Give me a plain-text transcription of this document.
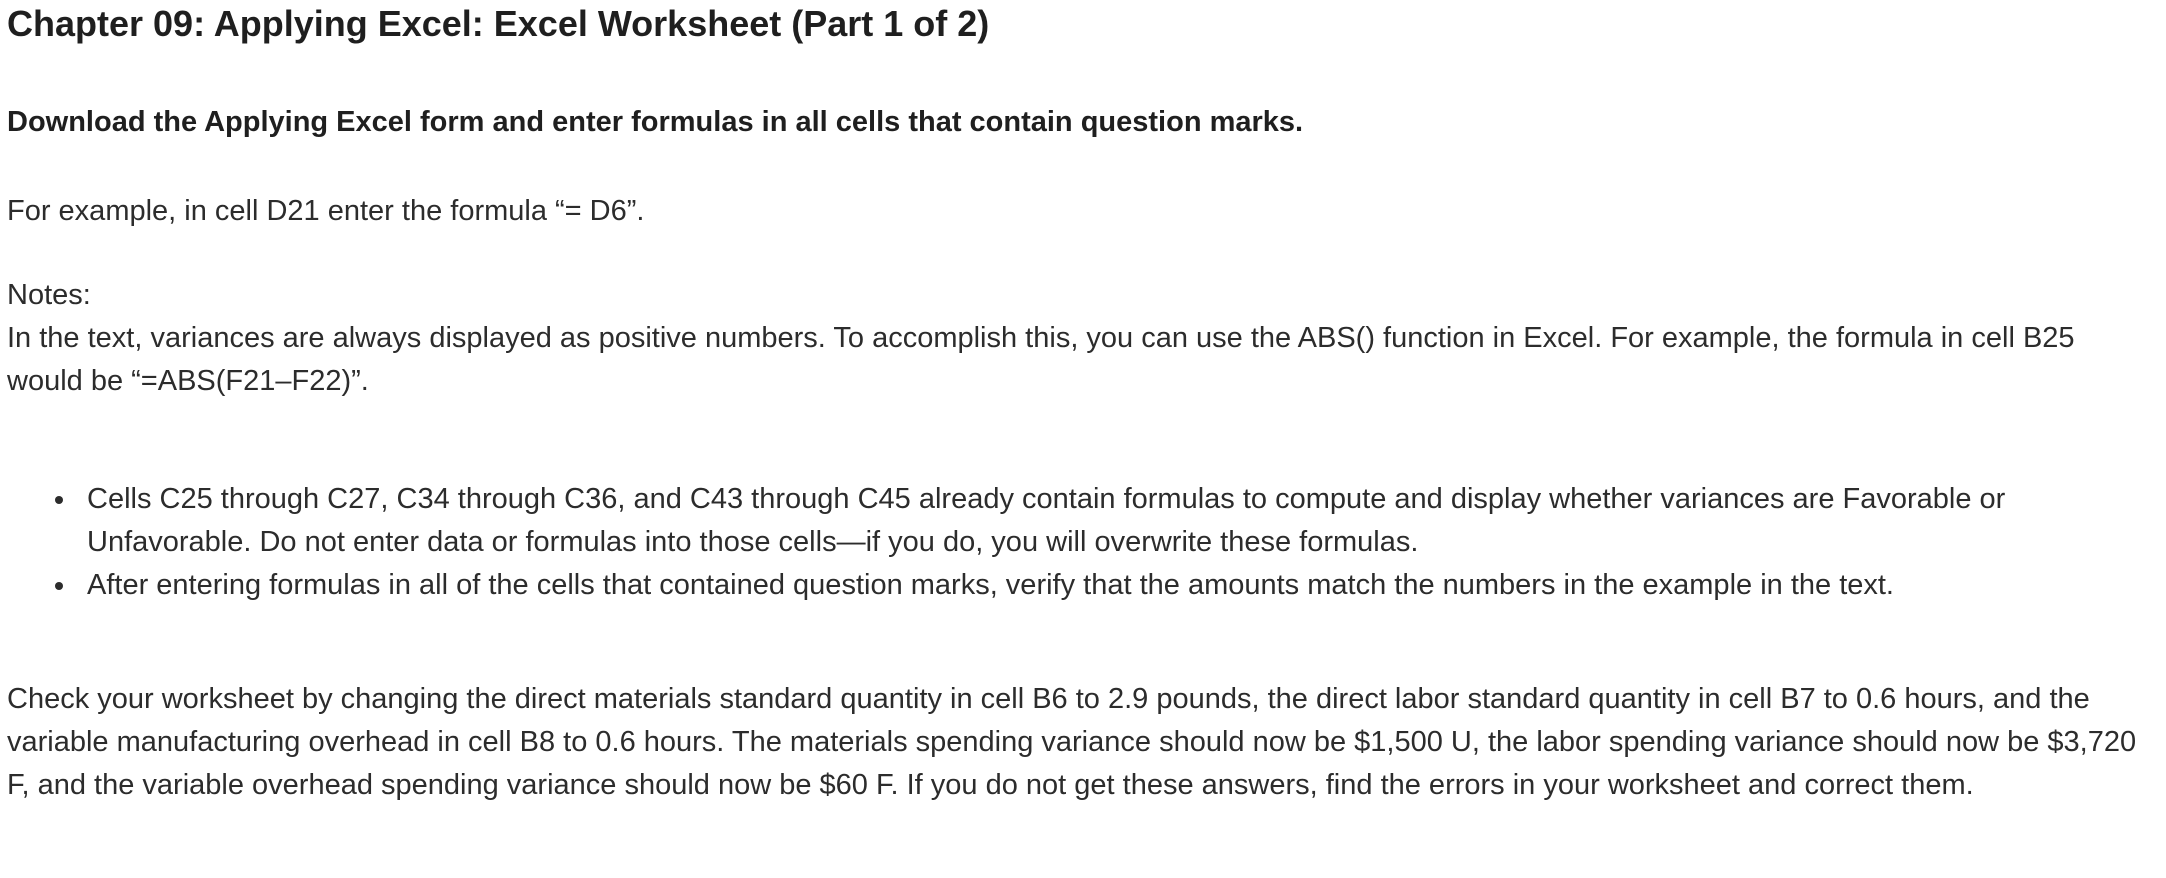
Chapter 09: Applying Excel: Excel Worksheet (Part 1 of 2)

Download the Applying Excel form and enter formulas in all cells that contain question marks.

For example, in cell D21 enter the formula “= D6”.

Notes:

In the text, variances are always displayed as positive numbers. To accomplish this, you can use the ABS() function in Excel. For example, the formula in cell B25 would be “=ABS(F21–F22)”.

Cells C25 through C27, C34 through C36, and C43 through C45 already contain formulas to compute and display whether variances are Favorable or Unfavorable. Do not enter data or formulas into those cells—if you do, you will overwrite these formulas.
After entering formulas in all of the cells that contained question marks, verify that the amounts match the numbers in the example in the text.

Check your worksheet by changing the direct materials standard quantity in cell B6 to 2.9 pounds, the direct labor standard quantity in cell B7 to 0.6 hours, and the variable manufacturing overhead in cell B8 to 0.6 hours. The materials spending variance should now be $1,500 U, the labor spending variance should now be $3,720 F, and the variable overhead spending variance should now be $60 F. If you do not get these answers, find the errors in your worksheet and correct them.
